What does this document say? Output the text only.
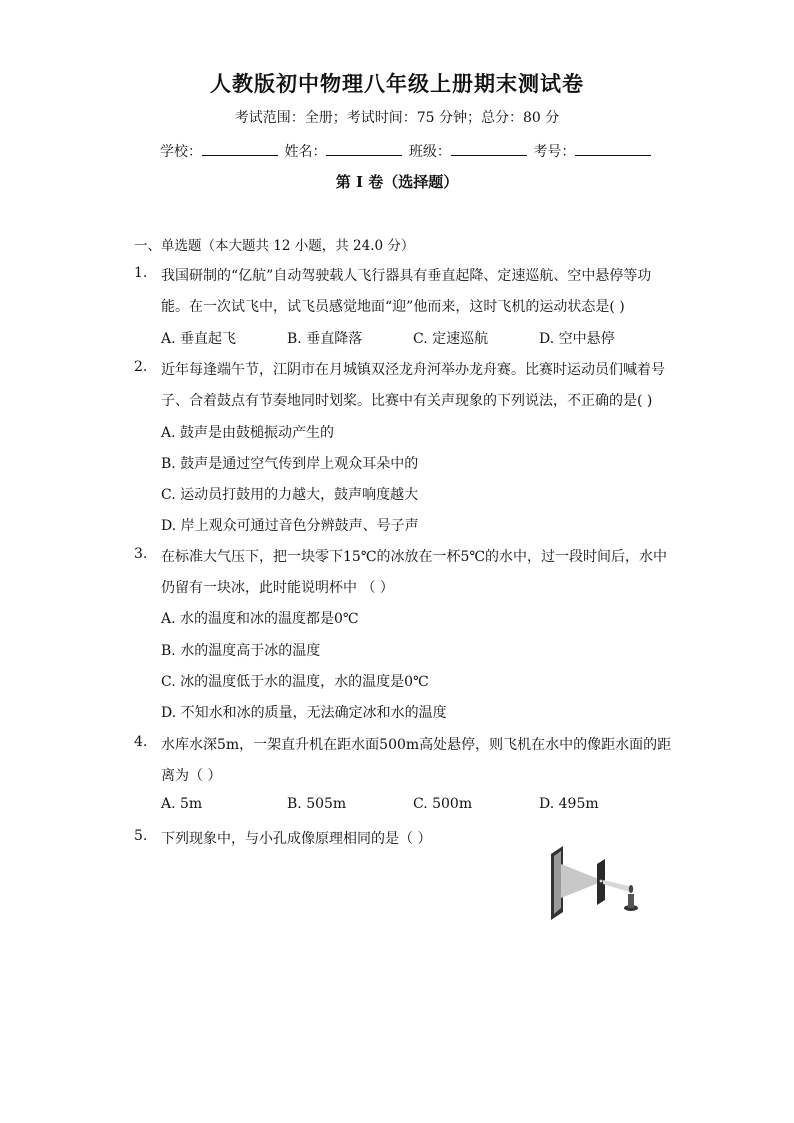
人教版初中物理八年级上册期末测试卷
考试范围：全册；考试时间：75 分钟；总分：80 分
学校：	姓名：	班级：	考号：
第 I 卷（选择题）
一、单选题（本大题共 12 小题，共 24.0 分）
1. 我国研制的“亿航”自动驾驶载人飞行器具有垂直起降、定速巡航、空中悬停等功
能。在一次试飞中，试飞员感觉地面“迎”他而来，这时飞机的运动状态是( )
A. 垂直起飞	B. 垂直降落	C. 定速巡航	D. 空中悬停
2. 近年每逢端午节，江阴市在月城镇双泾龙舟河举办龙舟赛。比赛时运动员们喊着号
子、合着鼓点有节奏地同时划桨。比赛中有关声现象的下列说法，不正确的是( )
A. 鼓声是由鼓槌振动产生的
B. 鼓声是通过空气传到岸上观众耳朵中的
C. 运动员打鼓用的力越大，鼓声响度越大
D. 岸上观众可通过音色分辨鼓声、号子声
3. 在标准大气压下，把一块零下15℃的冰放在一杯5℃的水中，过一段时间后，水中
仍留有一块冰，此时能说明杯中 （ ）
A. 水的温度和冰的温度都是0℃
B. 水的温度高于冰的温度
C. 冰的温度低于水的温度，水的温度是0℃
D. 不知水和冰的质量，无法确定冰和水的温度
4. 水库水深5m，一架直升机在距水面500m高处悬停，则飞机在水中的像距水面的距
离为（ ）
A. 5m	B. 505m	C. 500m	D. 495m
5. 下列现象中，与小孔成像原理相同的是（ ）
